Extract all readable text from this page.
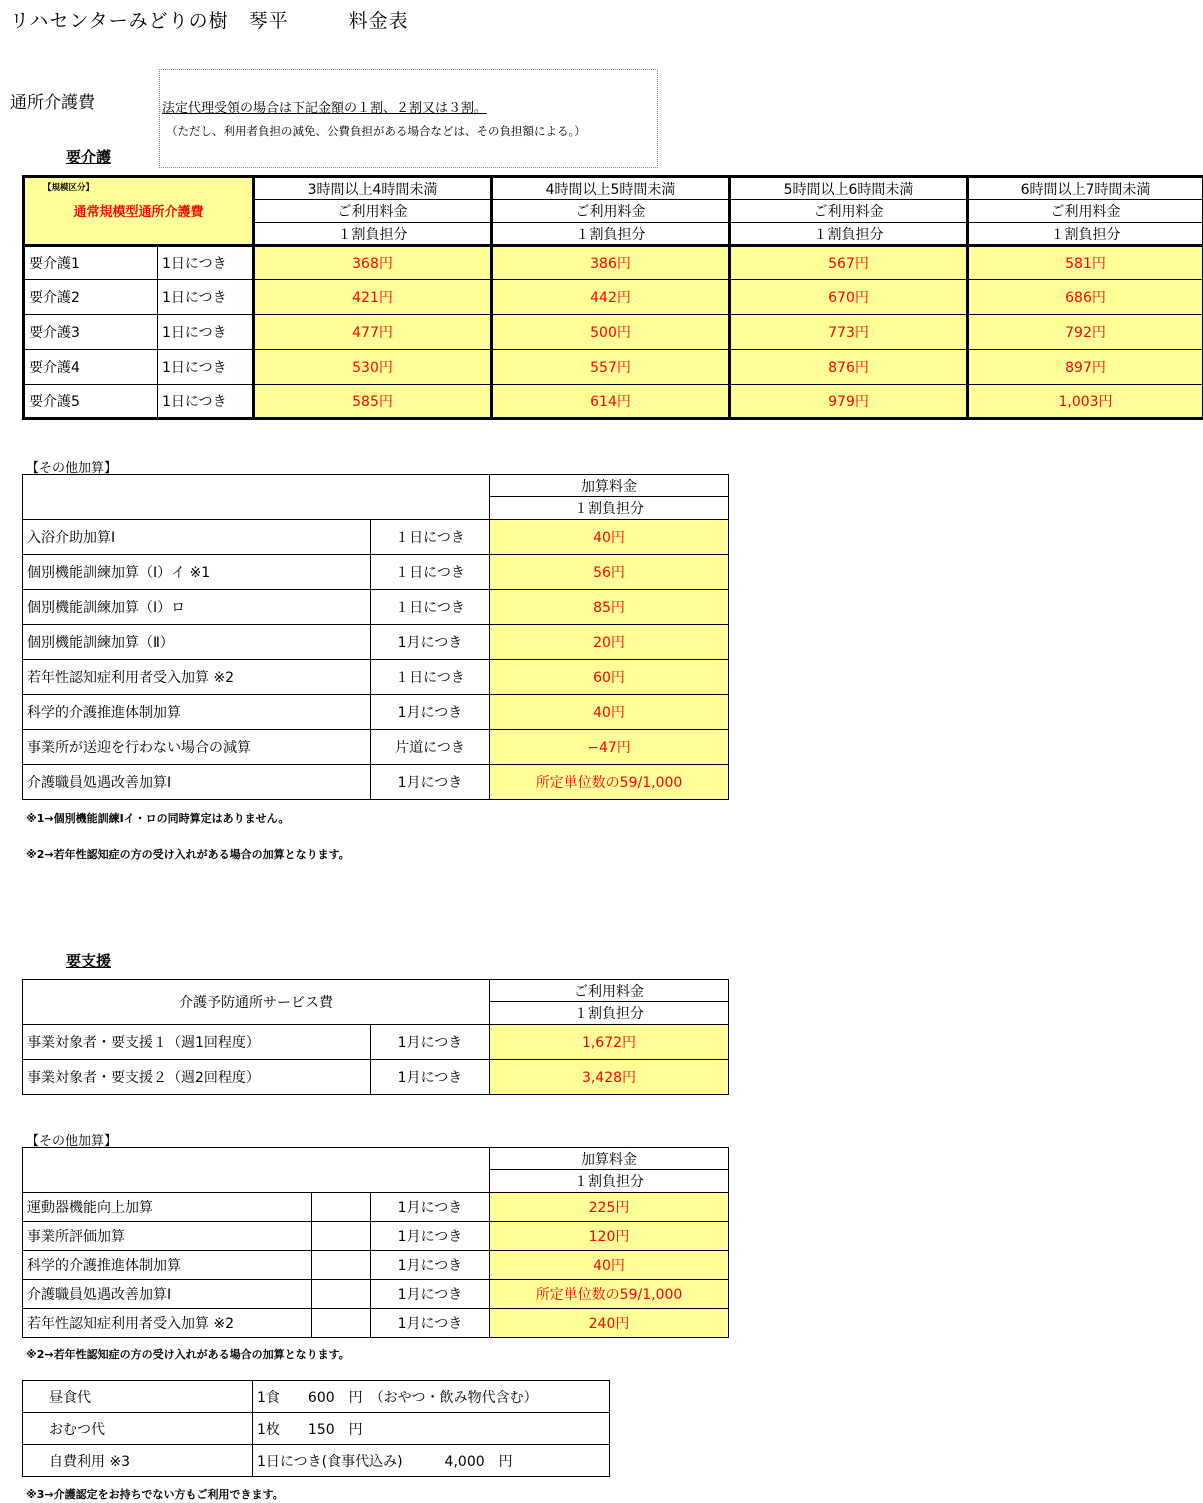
リハセンターみどりの樹　琴平　　　料金表
通所介護費	法定代理受領の場合は下記金額の１割、２割又は３割。
（ただし、利用者負担の減免、公費負担がある場合などは、その負担額による。）
要介護
【規模区分】
通常規模型通所介護費		3時間以上4時間未満	4時間以上5時間未満	5時間以上6時間未満	6時間以上7時間未満
		ご利用料金	ご利用料金	ご利用料金	ご利用料金
		１割負担分	１割負担分	１割負担分	１割負担分
要介護1	1日につき	368円	386円	567円	581円
要介護2	1日につき	421円	442円	670円	686円
要介護3	1日につき	477円	500円	773円	792円
要介護4	1日につき	530円	557円	876円	897円
要介護5	1日につき	585円	614円	979円	1,003円
【その他加算】
		加算料金
		１割負担分
入浴介助加算Ⅰ	１日につき	40円
個別機能訓練加算（Ⅰ）イ ※1	１日につき	56円
個別機能訓練加算（Ⅰ）ロ	１日につき	85円
個別機能訓練加算（Ⅱ）	1月につき	20円
若年性認知症利用者受入加算 ※2	１日につき	60円
科学的介護推進体制加算	1月につき	40円
事業所が送迎を行わない場合の減算	片道につき	−47円
介護職員処遇改善加算Ⅰ	1月につき	所定単位数の59/1,000
※1→個別機能訓練Ⅰイ・ロの同時算定はありません。
※2→若年性認知症の方の受け入れがある場合の加算となります。
要支援
介護予防通所サービス費		ご利用料金
		１割負担分
事業対象者・要支援１（週1回程度）	1月につき	1,672円
事業対象者・要支援２（週2回程度）	1月につき	3,428円
【その他加算】
			加算料金
			１割負担分
運動器機能向上加算		1月につき	225円
事業所評価加算		1月につき	120円
科学的介護推進体制加算		1月につき	40円
介護職員処遇改善加算Ⅰ		1月につき	所定単位数の59/1,000
若年性認知症利用者受入加算 ※2		1月につき	240円
※2→若年性認知症の方の受け入れがある場合の加算となります。
昼食代	1食　　600　円　（おやつ・飲み物代含む）
おむつ代	1枚　　150　円
自費利用 ※3	1日につき(食事代込み)　　　4,000　円
※3→介護認定をお持ちでない方もご利用できます。
